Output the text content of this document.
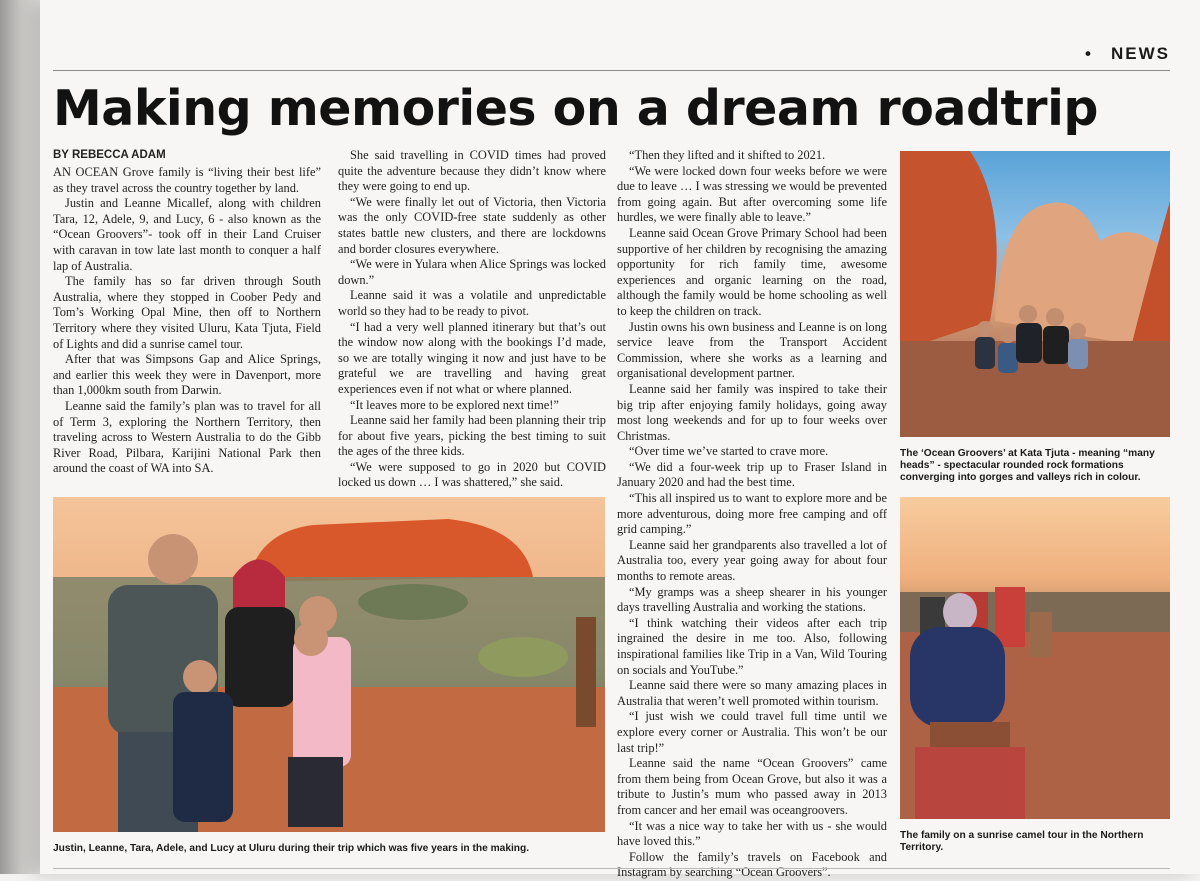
• NEWS
Making memories on a dream roadtrip
BY REBECCA ADAM

AN OCEAN Grove family is “living their best life” as they travel across the country together by land.

Justin and Leanne Micallef, along with children Tara, 12, Adele, 9, and Lucy, 6 - also known as the “Ocean Groovers”- took off in their Land Cruiser with caravan in tow late last month to conquer a half lap of Australia.

The family has so far driven through South Australia, where they stopped in Coober Pedy and Tom’s Working Opal Mine, then off to Northern Territory where they visited Uluru, Kata Tjuta, Field of Lights and did a sunrise camel tour.

After that was Simpsons Gap and Alice Springs, and earlier this week they were in Davenport, more than 1,000km south from Darwin.

Leanne said the family’s plan was to travel for all of Term 3, exploring the Northern Territory, then traveling across to Western Australia to do the Gibb River Road, Pilbara, Karijini National Park then around the coast of WA into SA.

She said travelling in COVID times had proved quite the adventure because they didn’t know where they were going to end up.

“We were finally let out of Victoria, then Victoria was the only COVID-free state suddenly as other states battle new clusters, and there are lockdowns and border closures everywhere.

“We were in Yulara when Alice Springs was locked down.”

Leanne said it was a volatile and unpredictable world so they had to be ready to pivot.

“I had a very well planned itinerary but that’s out the window now along with the bookings I’d made, so we are totally winging it now and just have to be grateful we are travelling and having great experiences even if not what or where planned.

“It leaves more to be explored next time!”

Leanne said her family had been planning their trip for about five years, picking the best timing to suit the ages of the three kids.

“We were supposed to go in 2020 but COVID locked us down … I was shattered,” she said.

“Then they lifted and it shifted to 2021.

“We were locked down four weeks before we were due to leave … I was stressing we would be prevented from going again. But after overcoming some life hurdles, we were finally able to leave.”

Leanne said Ocean Grove Primary School had been supportive of her children by recognising the amazing opportunity for rich family time, awesome experiences and organic learning on the road, although the family would be home schooling as well to keep the children on track.

Justin owns his own business and Leanne is on long service leave from the Transport Accident Commission, where she works as a learning and organisational development partner.

Leanne said her family was inspired to take their big trip after enjoying family holidays, going away most long weekends and for up to four weeks over Christmas.

“Over time we’ve started to crave more.

“We did a four-week trip up to Fraser Island in January 2020 and had the best time.

“This all inspired us to want to explore more and be more adventurous, doing more free camping and off grid camping.”

Leanne said her grandparents also travelled a lot of Australia too, every year going away for about four months to remote areas.

“My gramps was a sheep shearer in his younger days travelling Australia and working the stations.

“I think watching their videos after each trip ingrained the desire in me too. Also, following inspirational families like Trip in a Van, Wild Touring on socials and YouTube.”

Leanne said there were so many amazing places in Australia that weren’t well promoted within tourism.

“I just wish we could travel full time until we explore every corner or Australia. This won’t be our last trip!”

Leanne said the name “Ocean Groovers” came from them being from Ocean Grove, but also it was a tribute to Justin’s mum who passed away in 2013 from cancer and her email was oceangroovers.

“It was a nice way to take her with us - she would have loved this.”

Follow the family’s travels on Facebook and Instagram by searching “Ocean Groovers”.

Justin, Leanne, Tara, Adele, and Lucy at Uluru during their trip which was five years in the making.
The ‘Ocean Groovers’ at Kata Tjuta - meaning “many heads” - spectacular rounded rock formations converging into gorges and valleys rich in colour.
The family on a sunrise camel tour in the Northern Territory.
